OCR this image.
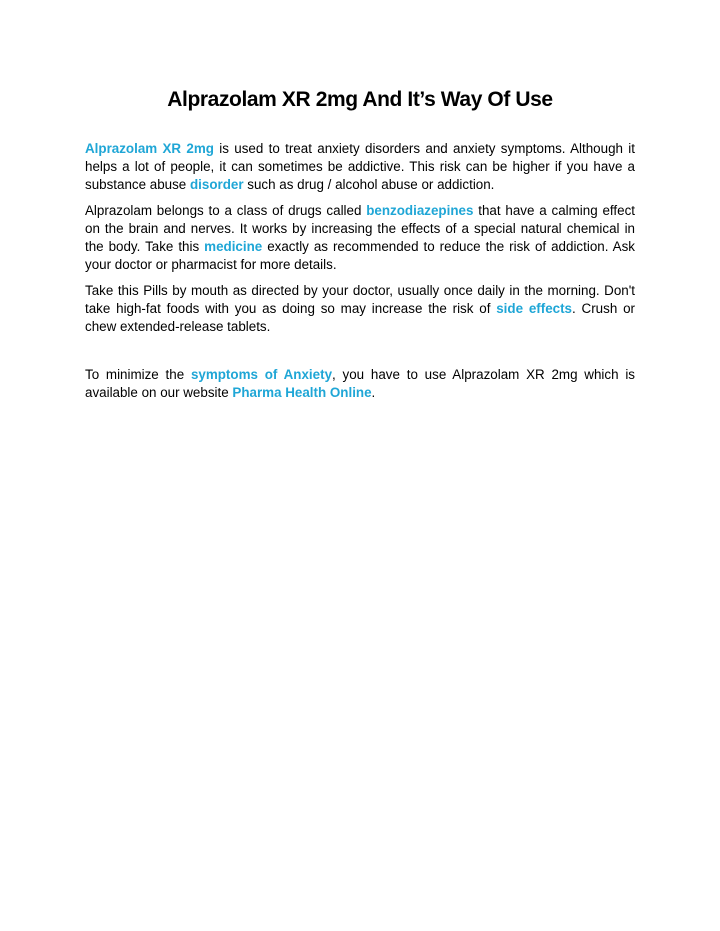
Alprazolam XR 2mg And It’s Way Of Use

Alprazolam XR 2mg is used to treat anxiety disorders and anxiety symptoms. Although it helps a lot of people, it can sometimes be addictive. This risk can be higher if you have a substance abuse disorder such as drug / alcohol abuse or addiction.

Alprazolam belongs to a class of drugs called benzodiazepines that have a calming effect on the brain and nerves. It works by increasing the effects of a special natural chemical in the body. Take this medicine exactly as recommended to reduce the risk of addiction. Ask your doctor or pharmacist for more details.

Take this Pills by mouth as directed by your doctor, usually once daily in the morning. Don't take high-fat foods with you as doing so may increase the risk of side effects. Crush or chew extended-release tablets.

To minimize the symptoms of Anxiety, you have to use Alprazolam XR 2mg which is available on our website Pharma Health Online.
